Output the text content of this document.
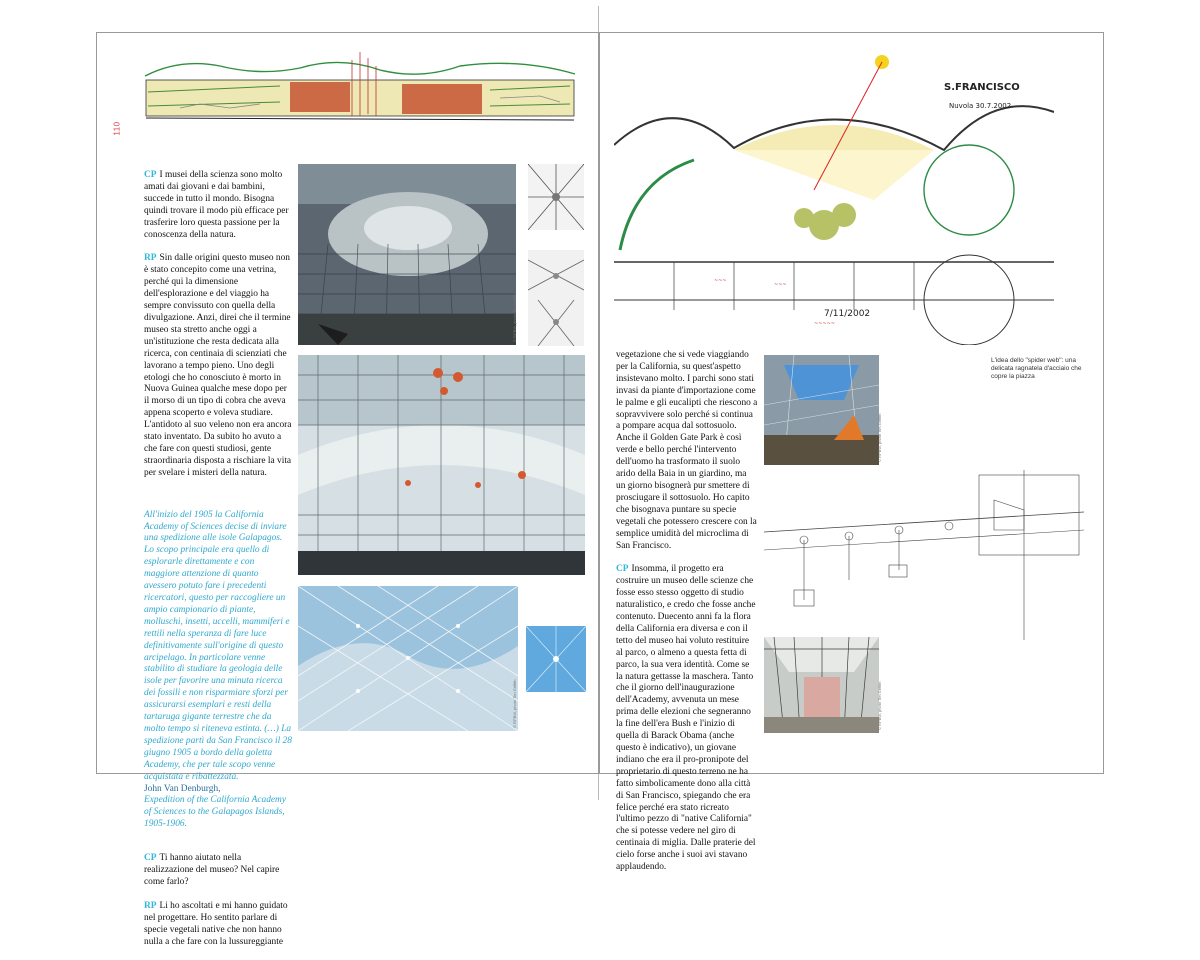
110

CP I musei della scienza sono molto amati dai giovani e dai bambini, succede in tutto il mondo. Bisogna quindi trovare il modo più efficace per trasferire loro questa passione per la conoscenza della natura.

RP Sin dalle origini questo museo non è stato concepito come una vetrina, perché qui la dimensione dell'esplorazione e del viaggio ha sempre convissuto con quella della divulgazione. Anzi, direi che il termine museo sta stretto anche oggi a un'istituzione che resta dedicata alla ricerca, con centinaia di scienziati che lavorano a tempo pieno. Uno degli etologi che ho conosciuto è morto in Nuova Guinea qualche mese dopo per il morso di un tipo di cobra che aveva appena scoperto e voleva studiare. L'antidoto al suo veleno non era ancora stato inventato. Da subito ho avuto a che fare con questi studiosi, gente straordinaria disposta a rischiare la vita per svelare i misteri della natura.

All'inizio del 1905 la California Academy of Sciences decise di inviare una spedizione alle isole Galapagos. Lo scopo principale era quello di esplorarle direttamente e con maggiore attenzione di quanto avessero potuto fare i precedenti ricercatori, questo per raccogliere un ampio campionario di piante, molluschi, insetti, uccelli, mammiferi e rettili nella speranza di fare luce definitivamente sull'origine di questo arcipelago. In particolare venne stabilito di studiare la geologia delle isole per favorire una minuta ricerca dei fossili e non risparmiare sforzi per assicurarsi esemplari e resti della tartaruga gigante terrestre che da molto tempo si riteneva estinta. (…) La spedizione partì da San Francisco il 28 giugno 1905 a bordo della goletta Academy, che per tale scopo venne acquistata e ribattezzata.
John Van Denburgh,
Expedition of the California Academy of Sciences to the Galapagos Islands, 1905-1906.

CP Ti hanno aiutato nella realizzazione del museo? Nel capire come farlo?

RP Li ho ascoltati e mi hanno guidato nel progettare. Ho sentito parlare di specie vegetali native che non hanno nulla a che fare con la lussureggiante

© RPBW, photo Tim Griffith
© RPBW, photo Tim Griffith
S.FRANCISCO
Nuvola 30.7.2002
7/11/2002
~~~
~~~
~~~~~

vegetazione che si vede viaggiando per la California, su quest'aspetto insistevano molto. I parchi sono stati invasi da piante d'importazione come le palme e gli eucalipti che riescono a sopravvivere solo perché si continua a pompare acqua dal sottosuolo. Anche il Golden Gate Park è così verde e bello perché l'intervento dell'uomo ha trasformato il suolo arido della Baia in un giardino, ma un giorno bisognerà pur smettere di prosciugare il sottosuolo. Ho capito che bisognava puntare su specie vegetali che potessero crescere con la semplice umidità del microclima di San Francisco.

CP Insomma, il progetto era costruire un museo delle scienze che fosse esso stesso oggetto di studio naturalistico, e credo che fosse anche contenuto. Duecento anni fa la flora della California era diversa e con il tetto del museo hai voluto restituire al parco, o almeno a questa fetta di parco, la sua vera identità. Come se la natura gettasse la maschera. Tanto che il giorno dell'inaugurazione dell'Academy, avvenuta un mese prima delle elezioni che segneranno la fine dell'era Bush e l'inizio di quella di Barack Obama (anche questo è indicativo), un giovane indiano che era il pro-pronipote del proprietario di questo terreno ne ha fatto simbolicamente dono alla città di San Francisco, spiegando che era felice perché era stato ricreato l'ultimo pezzo di "native California" che si potesse vedere nel giro di centinaia di miglia. Dalle praterie del cielo forse anche i suoi avi stavano applaudendo.

© RPBW, photo Tim Griffith
L'idea dello "spider web": una delicata ragnatela d'acciaio che copre la piazza
© RPBW, photo Tim Griffith
